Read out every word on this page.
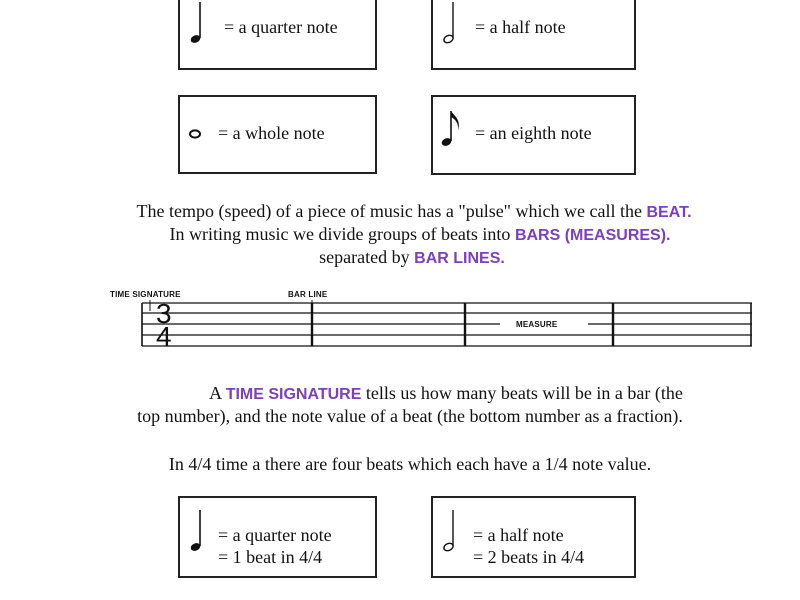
= a quarter note	= a half note
= a whole note	= an eighth note
The tempo (speed) of a piece of music has a "pulse" which we call the BEAT.
In writing music we divide groups of beats into BARS (MEASURES).
separated by BAR LINES.
TIME SIGNATURE	BAR LINE
3
4	MEASURE
A TIME SIGNATURE tells us how many beats will be in a bar (the
top number), and the note value of a beat (the bottom number as a fraction).
In 4/4 time a there are four beats which each have a 1/4 note value.
= a quarter note
= 1 beat in 4/4
= a half note
= 2 beats in 4/4
